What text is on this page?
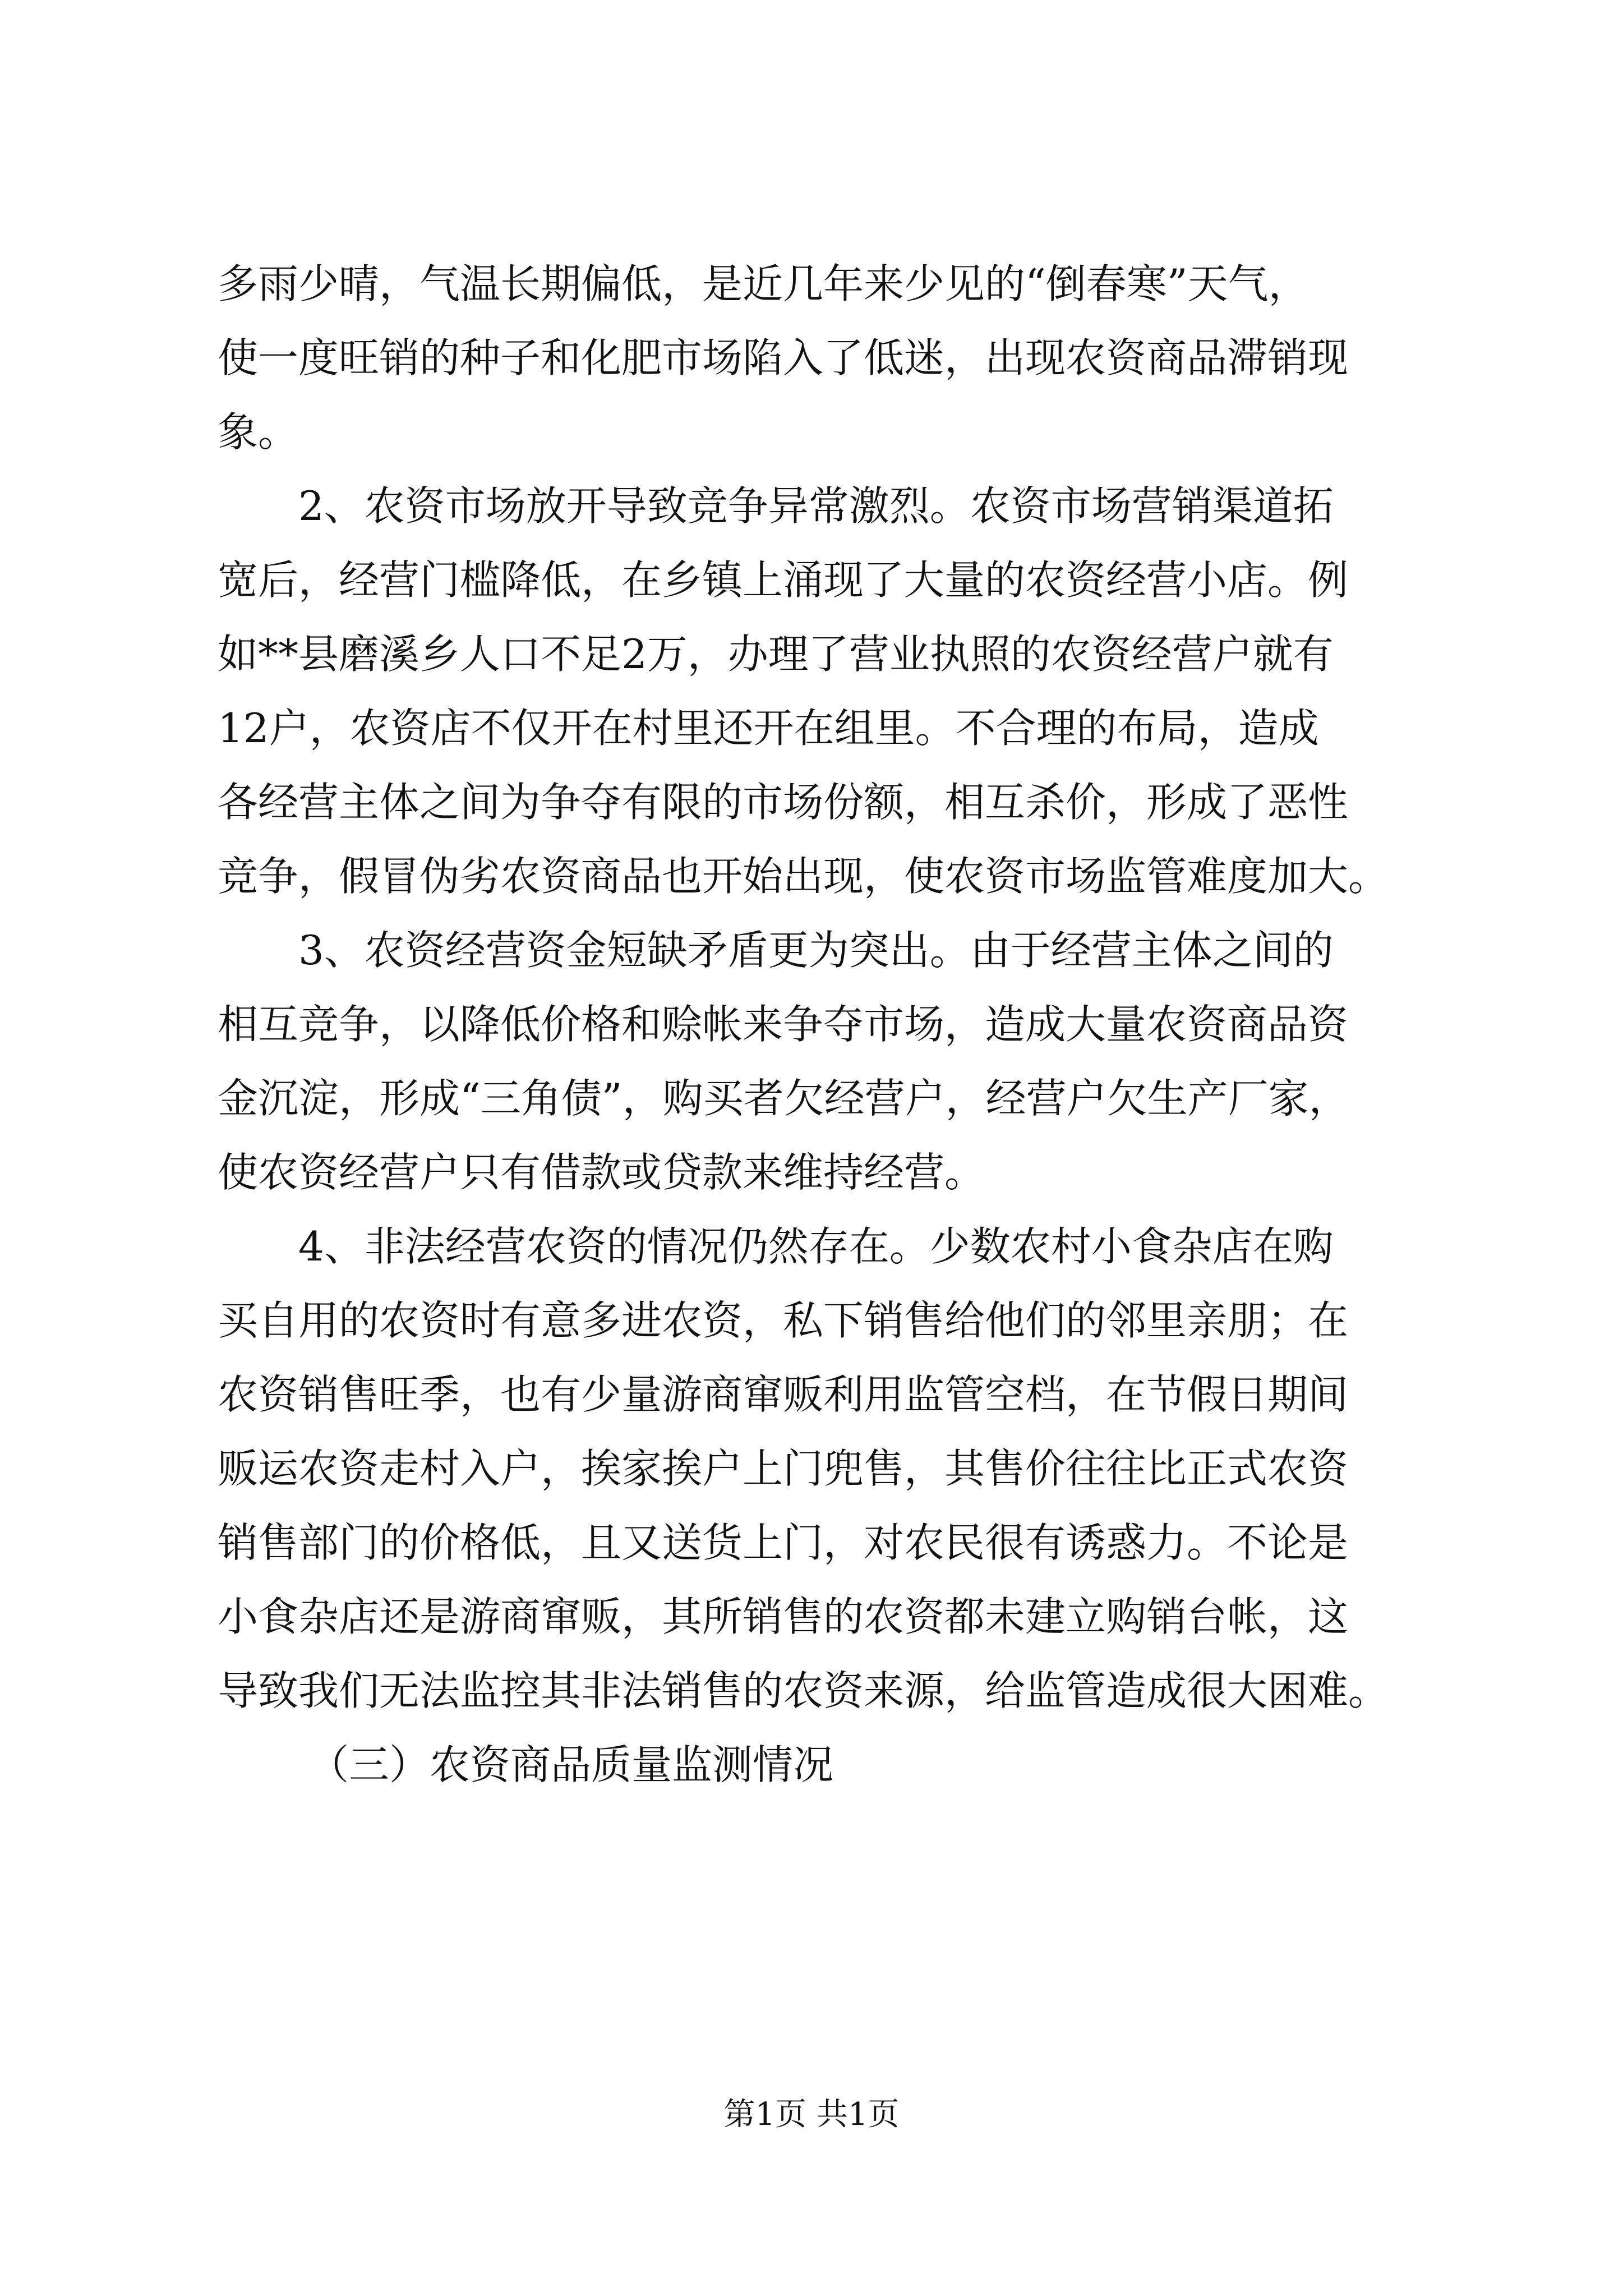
多雨少晴，气温长期偏低，是近几年来少见的“倒春寒”天气，
使一度旺销的种子和化肥市场陷入了低迷，出现农资商品滞销现
象。
2、农资市场放开导致竞争异常激烈。农资市场营销渠道拓
宽后，经营门槛降低，在乡镇上涌现了大量的农资经营小店。例
如**县磨溪乡人口不足2万，办理了营业执照的农资经营户就有
12户，农资店不仅开在村里还开在组里。不合理的布局，造成
各经营主体之间为争夺有限的市场份额，相互杀价，形成了恶性
竞争，假冒伪劣农资商品也开始出现，使农资市场监管难度加大。
3、农资经营资金短缺矛盾更为突出。由于经营主体之间的
相互竞争，以降低价格和赊帐来争夺市场，造成大量农资商品资
金沉淀，形成“三角债”，购买者欠经营户，经营户欠生产厂家，
使农资经营户只有借款或贷款来维持经营。
4、非法经营农资的情况仍然存在。少数农村小食杂店在购
买自用的农资时有意多进农资，私下销售给他们的邻里亲朋；在
农资销售旺季，也有少量游商窜贩利用监管空档，在节假日期间
贩运农资走村入户，挨家挨户上门兜售，其售价往往比正式农资
销售部门的价格低，且又送货上门，对农民很有诱惑力。不论是
小食杂店还是游商窜贩，其所销售的农资都未建立购销台帐，这
导致我们无法监控其非法销售的农资来源，给监管造成很大困难。
（三）农资商品质量监测情况
第1页 共1页
